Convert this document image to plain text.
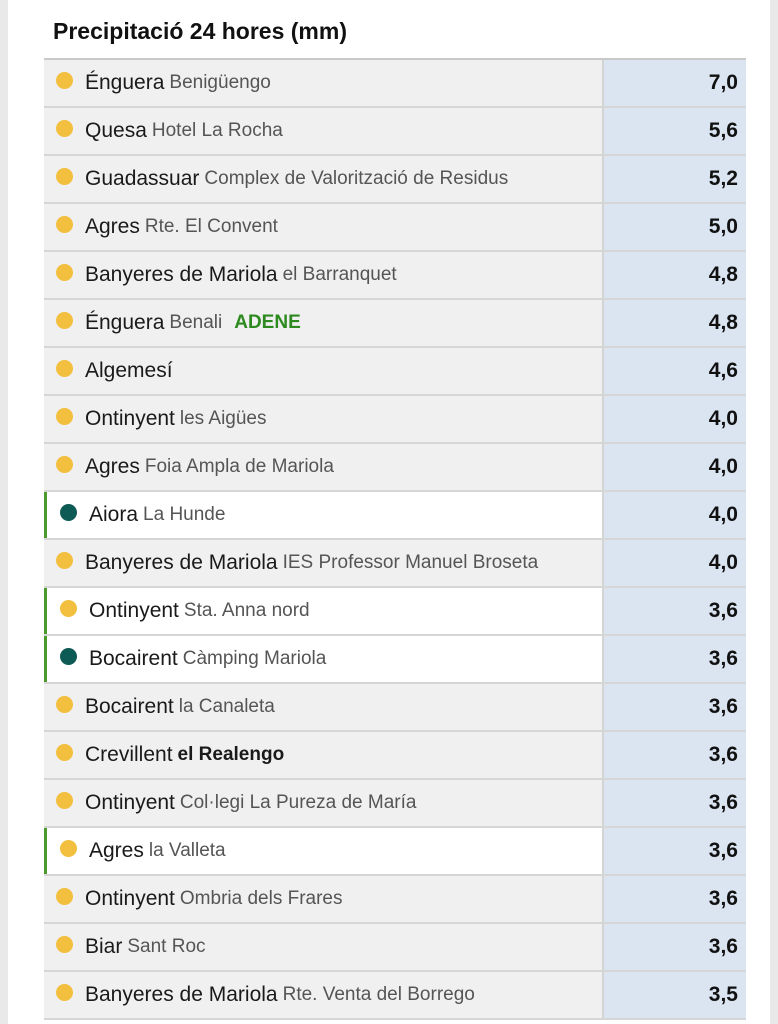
Precipitació 24 hores (mm)
Énguera Benigüengo	7,0
Quesa Hotel La Rocha	5,6
Guadassuar Complex de Valorització de Residus	5,2
Agres Rte. El Convent	5,0
Banyeres de Mariola el Barranquet	4,8
Énguera Benali ADENE	4,8
Algemesí	4,6
Ontinyent les Aigües	4,0
Agres Foia Ampla de Mariola	4,0
Aiora La Hunde	4,0
Banyeres de Mariola IES Professor Manuel Broseta	4,0
Ontinyent Sta. Anna nord	3,6
Bocairent Càmping Mariola	3,6
Bocairent la Canaleta	3,6
Crevillent el Realengo	3,6
Ontinyent Col·legi La Pureza de María	3,6
Agres la Valleta	3,6
Ontinyent Ombria dels Frares	3,6
Biar Sant Roc	3,6
Banyeres de Mariola Rte. Venta del Borrego	3,5
